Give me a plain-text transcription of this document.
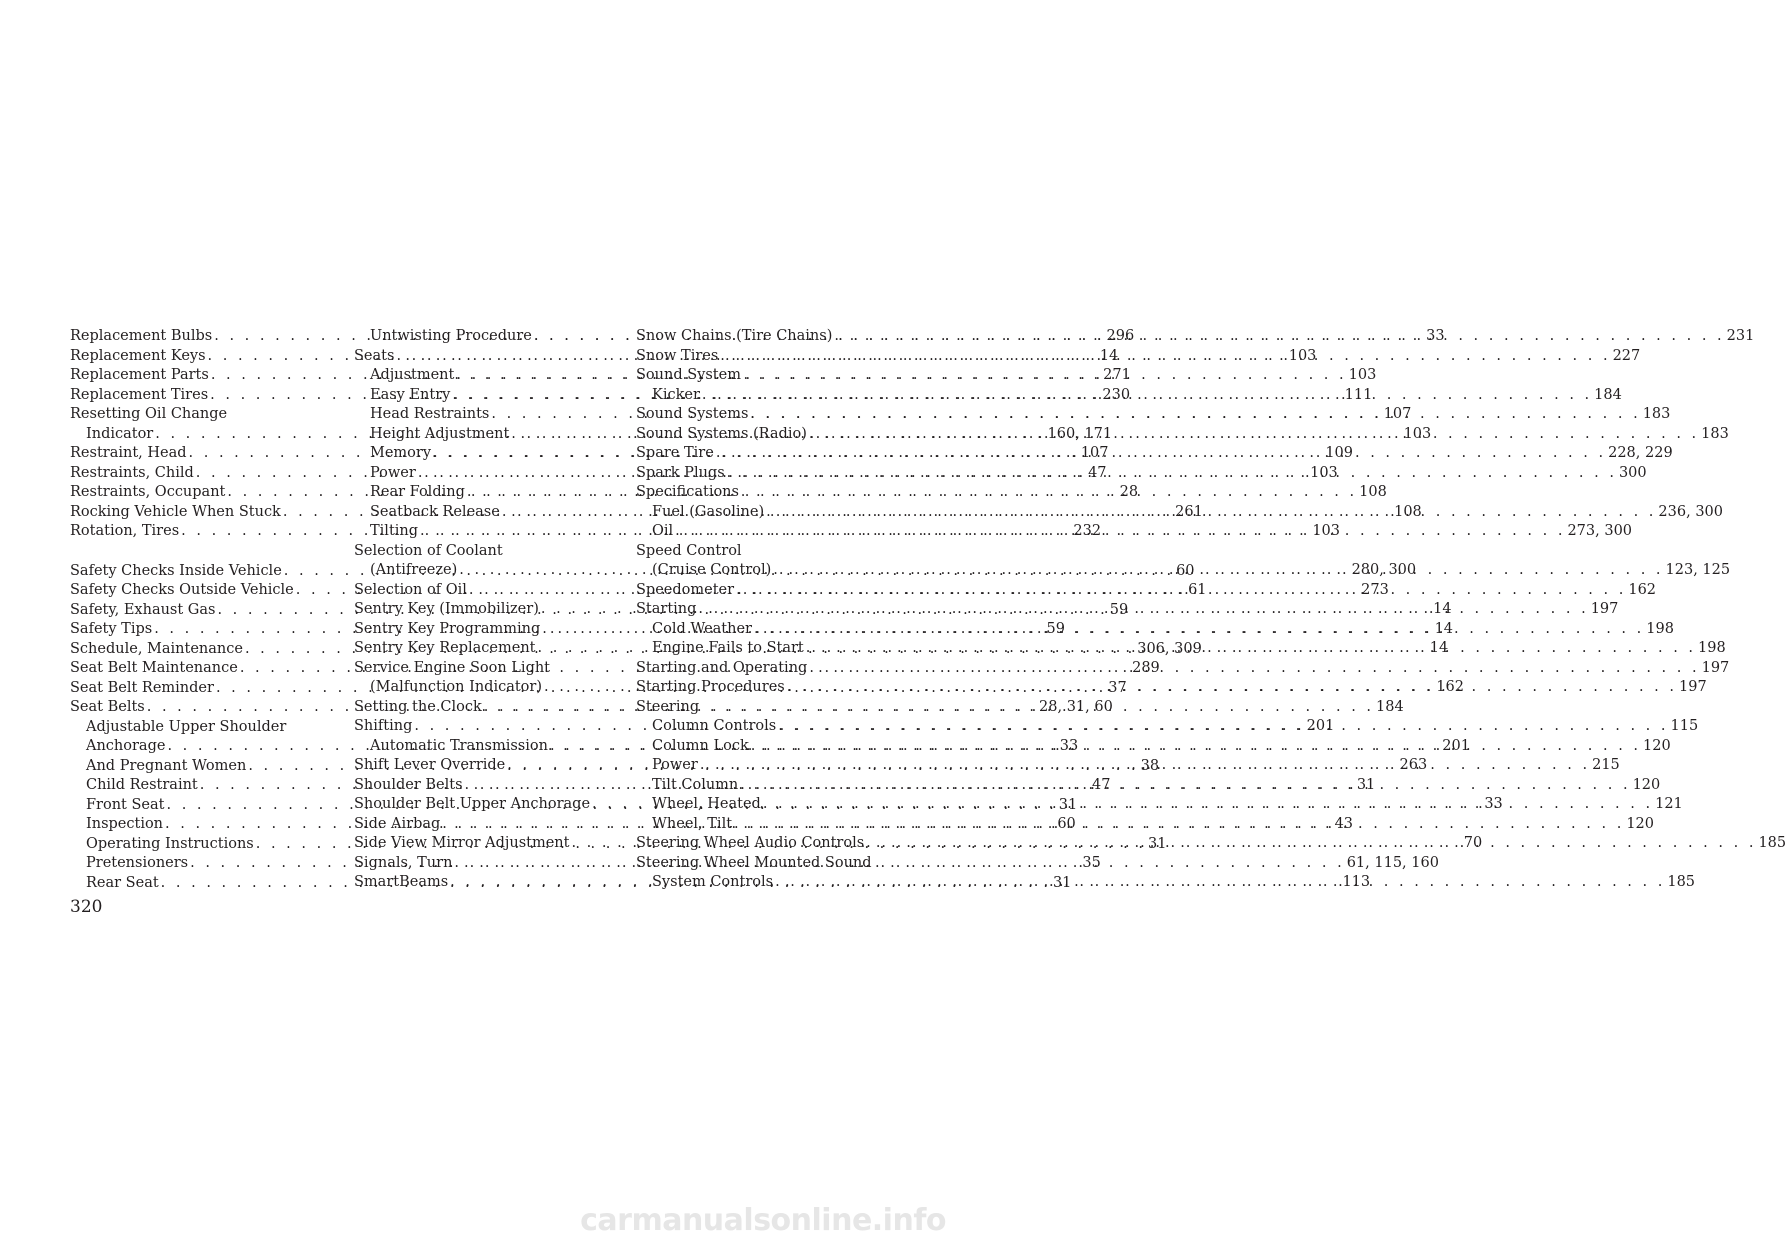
Replacement Bulbs . . .	296
Replacement Keys . . .	14
Replacement Parts . . .	271
Replacement Tires . . .	230
Resetting Oil Change
Indicator . . .	160, 171
Restraint, Head . . .	107
Restraints, Child . . .	47
Restraints, Occupant . . .	28
Rocking Vehicle When Stuck . . .	261
Rotation, Tires . . .	232
Safety Checks Inside Vehicle . . .	60
Safety Checks Outside Vehicle . . .	61
Safety, Exhaust Gas . . .	59
Safety Tips . . .	59
Schedule, Maintenance . . .	306, 309
Seat Belt Maintenance . . .	289
Seat Belt Reminder . . .	37
Seat Belts . . .	28, 31, 60
Adjustable Upper Shoulder
Anchorage . . .	33
And Pregnant Women . . .	38
Child Restraint . . .	47
Front Seat . . .	31
Inspection . . .	60
Operating Instructions . . .	31
Pretensioners . . .	35
Rear Seat . . .	31
Untwisting Procedure . . .	33
Seats . . .	103
Adjustment . . .	103
Easy Entry . . .	111
Head Restraints . . .	107
Height Adjustment . . .	103
Memory . . .	109
Power . . .	103
Rear Folding . . .	108
Seatback Release . . .	108
Tilting . . .	103
Selection of Coolant
(Antifreeze) . . .	280, 300
Selection of Oil . . .	273
Sentry Key (Immobilizer) . . .	14
Sentry Key Programming . . .	14
Sentry Key Replacement . . .	14
Service Engine Soon Light
(Malfunction Indicator) . . .	162
Setting the Clock . . .	184
Shifting . . .	201
Automatic Transmission . . .	201
Shift Lever Override . . .	263
Shoulder Belts . . .	31
Shoulder Belt Upper Anchorage . . .	33
Side Airbag . . .	43
Side View Mirror Adjustment . . .	70
Signals, Turn . . .	61, 115, 160
SmartBeams . . .	113
Snow Chains (Tire Chains) . . .	231
Snow Tires . . .	227
Sound System
Kicker . . .	184
Sound Systems . . .	183
Sound Systems (Radio) . . .	183
Spare Tire . . .	228, 229
Spark Plugs . . .	300
Specifications
Fuel (Gasoline) . . .	236, 300
Oil . . .	273, 300
Speed Control
(Cruise Control) . . .	123, 125
Speedometer . . .	162
Starting . . .	197
Cold Weather . . .	198
Engine Fails to Start . . .	198
Starting and Operating . . .	197
Starting Procedures . . .	197
Steering
Column Controls . . .	115
Column Lock . . .	120
Power . . .	215
Tilt Column . . .	120
Wheel, Heated . . .	121
Wheel, Tilt . . .	120
Steering Wheel Audio Controls . . .	185
Steering Wheel Mounted Sound
System Controls . . .	185
320
carmanualsonline.info
